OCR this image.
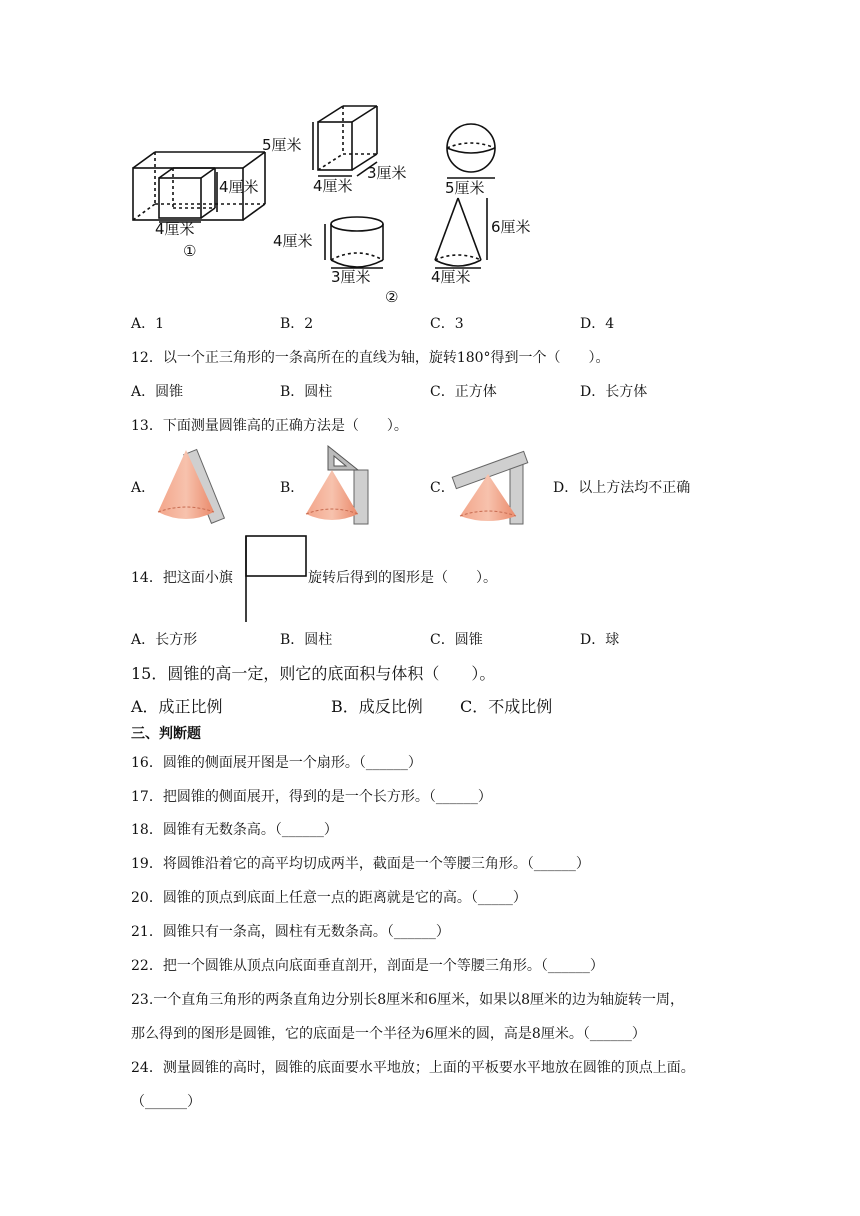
4厘米
4厘米
①
5厘米
4厘米
3厘米
5厘米
4厘米
3厘米
6厘米
4厘米
②
A．1	B．2	C．3	D．4
12．以一个正三角形的一条高所在的直线为轴，旋转180°得到一个（　　）。
A．圆锥	B．圆柱	C．正方体	D．长方体
13．下面测量圆锥高的正确方法是（　　）。
A．	B．	C．	D．以上方法均不正确
14．把这面小旗	旋转后得到的图形是（　　）。
A．长方形	B．圆柱	C．圆锥	D．球
15．圆锥的高一定，则它的底面积与体积（　　）。
A．成正比例	B．成反比例 C．不成比例
三、判断题
16．圆锥的侧面展开图是一个扇形。（______）
17．把圆锥的侧面展开，得到的是一个长方形。（______）
18．圆锥有无数条高。（______）
19．将圆锥沿着它的高平均切成两半，截面是一个等腰三角形。（______）
20．圆锥的顶点到底面上任意一点的距离就是它的高。（_____）
21．圆锥只有一条高，圆柱有无数条高。（______）
22．把一个圆锥从顶点向底面垂直剖开，剖面是一个等腰三角形。（______）
23.一个直角三角形的两条直角边分别长8厘米和6厘米，如果以8厘米的边为轴旋转一周，
那么得到的图形是圆锥，它的底面是一个半径为6厘米的圆，高是8厘米。（______）
24．测量圆锥的高时，圆锥的底面要水平地放；上面的平板要水平地放在圆锥的顶点上面。
（______）
